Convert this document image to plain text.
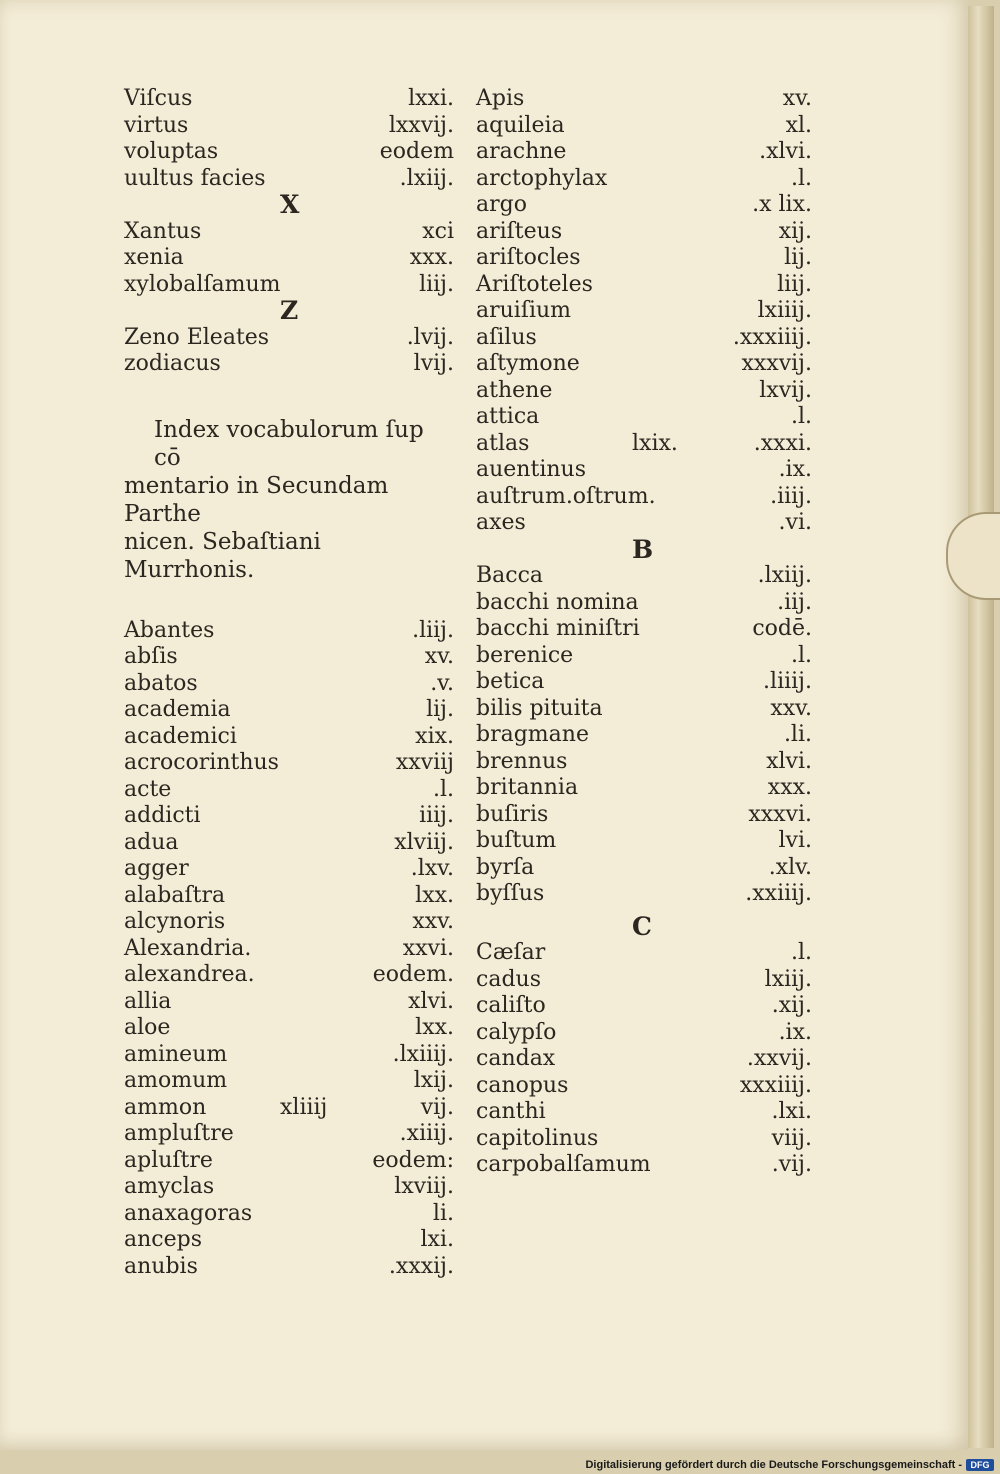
Viſcus	lxxi.
virtus	lxxvij.
voluptas	eodem
uultus facies	.lxiij.
X
Xantus	xci
xenia	xxx.
xylobalſamum	liij.
Z
Zeno Eleates	.lvij.
zodiacus	lvij.
Index vocabulorum ſup cō
mentario in Secundam Parthe
nicen. Sebaſtiani Murrhonis.
Abantes	.liij.
abſis	xv.
abatos	.v.
academia	lij.
academici	xix.
acrocorinthus	xxviij
acte	.l.
addicti	iiij.
adua	xlviij.
agger	.lxv.
alabaſtra	lxx.
alcynoris	xxv.
Alexandria.	xxvi.
alexandrea.	eodem.
allia	xlvi.
aloe	lxx.
amineum	.lxiiij.
amomum	lxij.
ammon	xliiij	vij.
ampluſtre	.xiiij.
apluſtre	eodem:
amyclas	lxviij.
anaxagoras	li.
anceps	lxi.
anubis	.xxxij.
Apis	xv.
aquileia	xl.
arachne	.xlvi.
arctophylax	.l.
argo	.x lix.
ariſteus	xij.
ariſtocles	lij.
Ariſtoteles	liij.
aruiſium	lxiiij.
aſilus	.xxxiiij.
aſtymone	xxxvij.
athene	lxvij.
attica	.l.
atlas	lxix.	.xxxi.
auentinus	.ix.
auſtrum.oſtrum.	.iiij.
axes	.vi.
B
Bacca	.lxiij.
bacchi nomina	.iij.
bacchi miniſtri	codē.
berenice	.l.
betica	.liiij.
bilis pituita	xxv.
bragmane	.li.
brennus	xlvi.
britannia	xxx.
buſiris	xxxvi.
buſtum	lvi.
byrſa	.xlv.
byſſus	.xxiiij.
C
Cæſar	.l.
cadus	lxiij.
caliſto	.xij.
calypſo	.ix.
candax	.xxvij.
canopus	xxxiiij.
canthi	.lxi.
capitolinus	viij.
carpobalſamum	.vij.
Digitalisierung gefördert durch die Deutsche Forschungsgemeinschaft - DFG
